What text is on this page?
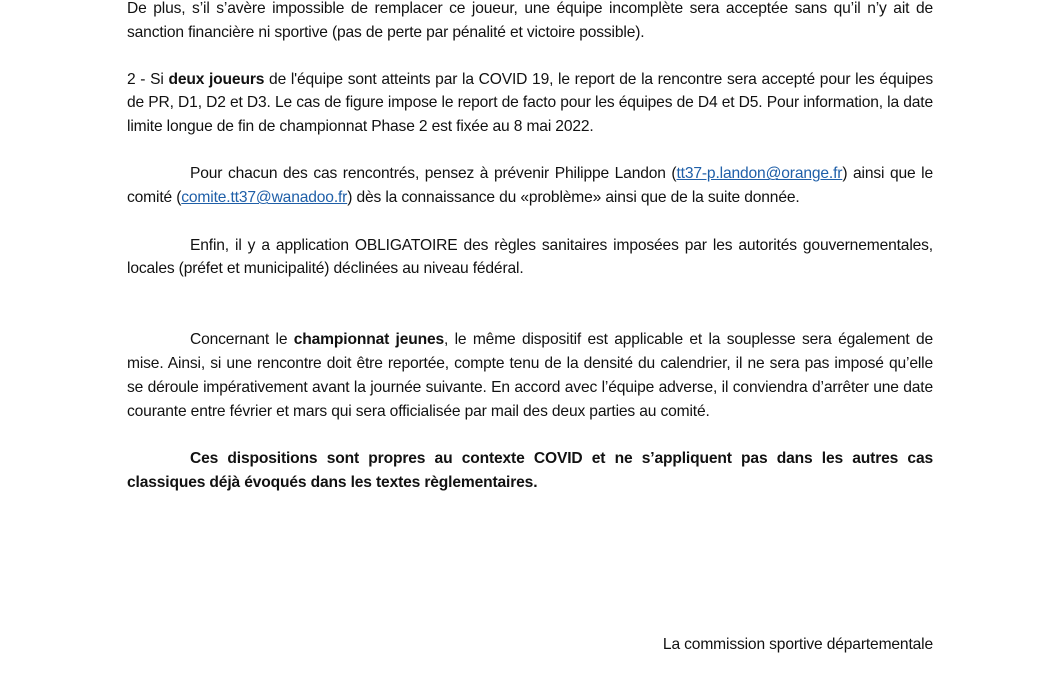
De plus, s’il s’avère impossible de remplacer ce joueur, une équipe incomplète sera acceptée sans qu’il n’y ait de sanction financière ni sportive (pas de perte par pénalité et victoire possible).

2 - Si deux joueurs de l'équipe sont atteints par la COVID 19, le report de la rencontre sera accepté pour les équipes de PR, D1, D2 et D3. Le cas de figure impose le report de facto pour les équipes de D4 et D5. Pour information, la date limite longue de fin de championnat Phase 2 est fixée au 8 mai 2022.

Pour chacun des cas rencontrés, pensez à prévenir Philippe Landon (tt37-p.landon@orange.fr) ainsi que le comité (comite.tt37@wanadoo.fr) dès la connaissance du «problème» ainsi que de la suite donnée.

Enfin, il y a application OBLIGATOIRE des règles sanitaires imposées par les autorités gouvernementales, locales (préfet et municipalité) déclinées au niveau fédéral.

Concernant le championnat jeunes, le même dispositif est applicable et la souplesse sera également de mise. Ainsi, si une rencontre doit être reportée, compte tenu de la densité du calendrier, il ne sera pas imposé qu’elle se déroule impérativement avant la journée suivante. En accord avec l’équipe adverse, il conviendra d’arrêter une date courante entre février et mars qui sera officialisée par mail des deux parties au comité.

Ces dispositions sont propres au contexte COVID et ne s’appliquent pas dans les autres cas classiques déjà évoqués dans les textes règlementaires.

La commission sportive départementale
